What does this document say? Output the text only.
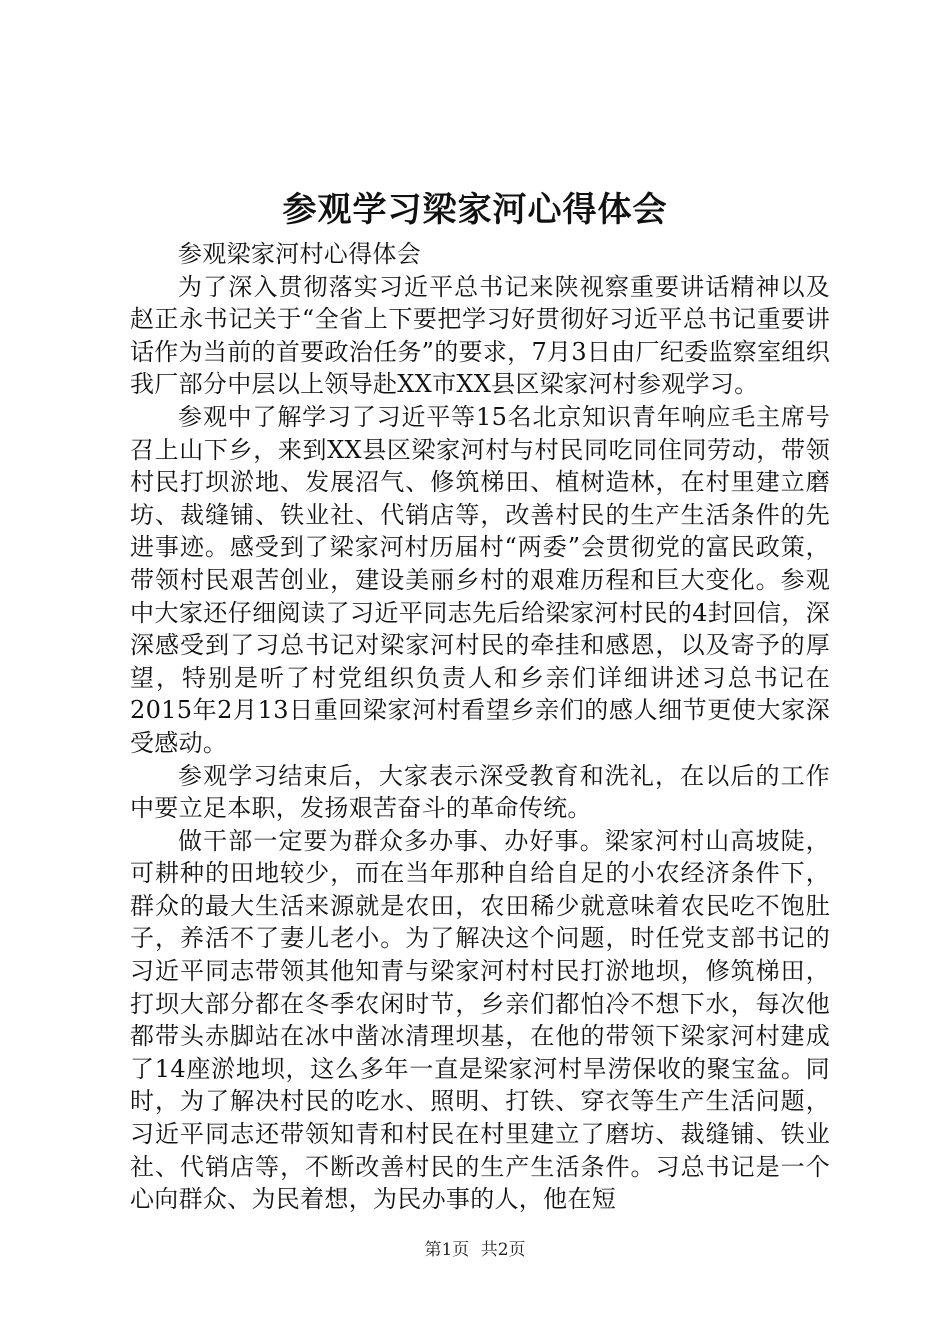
参观学习梁家河心得体会

参观梁家河村心得体会

为了深入贯彻落实习近平总书记来陕视察重要讲话精神以及赵正永书记关于“全省上下要把学习好贯彻好习近平总书记重要讲话作为当前的首要政治任务”的要求，7月3日由厂纪委监察室组织我厂部分中层以上领导赴XX市XX县区梁家河村参观学习。

参观中了解学习了习近平等15名北京知识青年响应毛主席号召上山下乡，来到XX县区梁家河村与村民同吃同住同劳动，带领村民打坝淤地、发展沼气、修筑梯田、植树造林，在村里建立磨坊、裁缝铺、铁业社、代销店等，改善村民的生产生活条件的先进事迹。感受到了梁家河村历届村“两委”会贯彻党的富民政策，带领村民艰苦创业，建设美丽乡村的艰难历程和巨大变化。参观中大家还仔细阅读了习近平同志先后给梁家河村民的4封回信，深深感受到了习总书记对梁家河村民的牵挂和感恩，以及寄予的厚望，特别是听了村党组织负责人和乡亲们详细讲述习总书记在2015年2月13日重回梁家河村看望乡亲们的感人细节更使大家深受感动。

参观学习结束后，大家表示深受教育和洗礼，在以后的工作中要立足本职，发扬艰苦奋斗的革命传统。

做干部一定要为群众多办事、办好事。梁家河村山高坡陡，可耕种的田地较少，而在当年那种自给自足的小农经济条件下，群众的最大生活来源就是农田，农田稀少就意味着农民吃不饱肚子，养活不了妻儿老小。为了解决这个问题，时任党支部书记的习近平同志带领其他知青与梁家河村村民打淤地坝，修筑梯田，打坝大部分都在冬季农闲时节，乡亲们都怕冷不想下水，每次他都带头赤脚站在冰中凿冰清理坝基，在他的带领下梁家河村建成了14座淤地坝，这么多年一直是梁家河村旱涝保收的聚宝盆。同时，为了解决村民的吃水、照明、打铁、穿衣等生产生活问题，习近平同志还带领知青和村民在村里建立了磨坊、裁缝铺、铁业社、代销店等，不断改善村民的生产生活条件。习总书记是一个心向群众、为民着想，为民办事的人，他在短

第1页 共2页
